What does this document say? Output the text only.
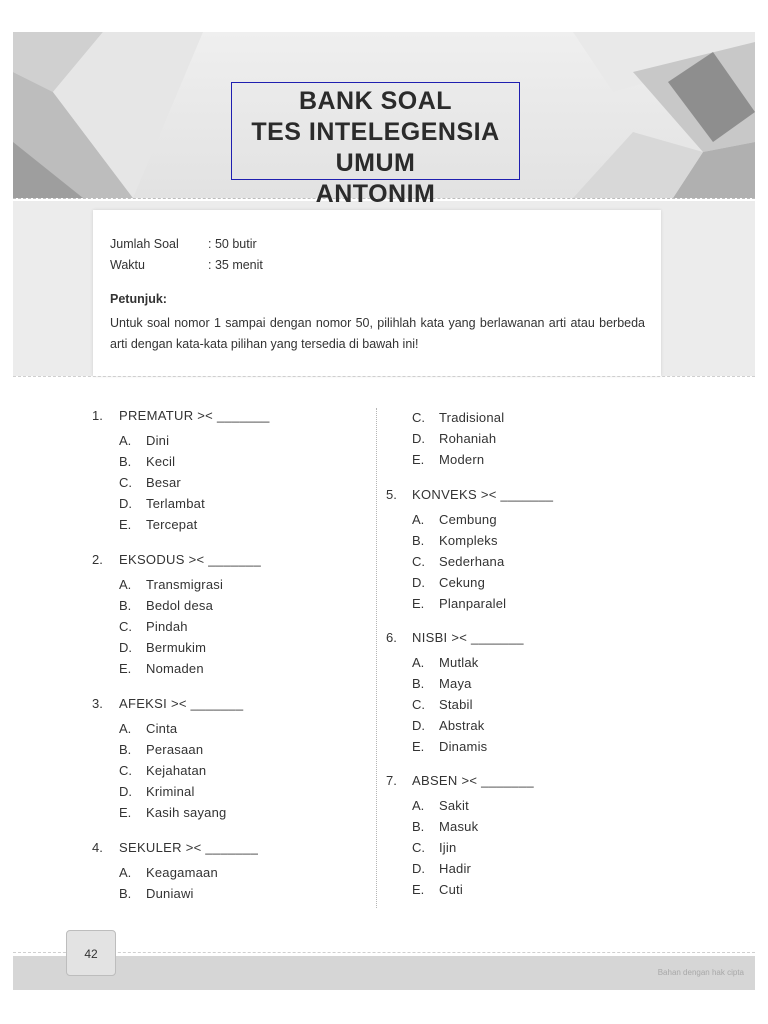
BANK SOAL
TES INTELEGENSIA UMUM
ANTONIM
Jumlah Soal : 50 butir
Waktu	: 35 menit
Petunjuk:
Untuk soal nomor 1 sampai dengan nomor 50, pilihlah kata yang berlawanan arti atau berbeda arti dengan kata-kata pilihan yang tersedia di bawah ini!
1. PREMATUR >< _______
A. Dini
B. Kecil
C. Besar
D. Terlambat
E. Tercepat
2. EKSODUS >< _______
A. Transmigrasi
B. Bedol desa
C. Pindah
D. Bermukim
E. Nomaden
3. AFEKSI >< _______
A. Cinta
B. Perasaan
C. Kejahatan
D. Kriminal
E. Kasih sayang
4. SEKULER >< _______
A. Keagamaan
B. Duniawi
C. Tradisional
D. Rohaniah
E. Modern
5. KONVEKS >< _______
A. Cembung
B. Kompleks
C. Sederhana
D. Cekung
E. Planparalel
6. NISBI >< _______
A. Mutlak
B. Maya
C. Stabil
D. Abstrak
E. Dinamis
7. ABSEN >< _______
A. Sakit
B. Masuk
C. Ijin
D. Hadir
E. Cuti
42
Bahan dengan hak cipta
